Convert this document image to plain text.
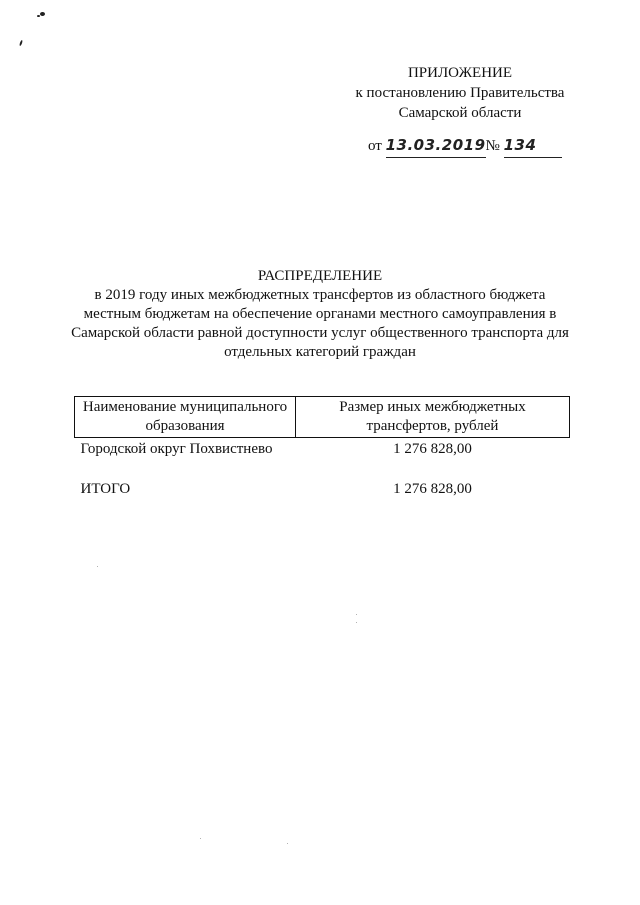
ПРИЛОЖЕНИЕ
к постановлению Правительства
Самарской области
от 13.03.2019№ 134
РАСПРЕДЕЛЕНИЕ
в 2019 году иных межбюджетных трансфертов из областного бюджета местным бюджетам на обеспечение органами местного самоуправления в Самарской области равной доступности услуг общественного транспорта для отдельных категорий граждан
Наименование муниципального образования	Размер иных межбюджетных трансфертов, рублей
Городской округ Похвистнево	1 276 828,00
ИТОГО	1 276 828,00
